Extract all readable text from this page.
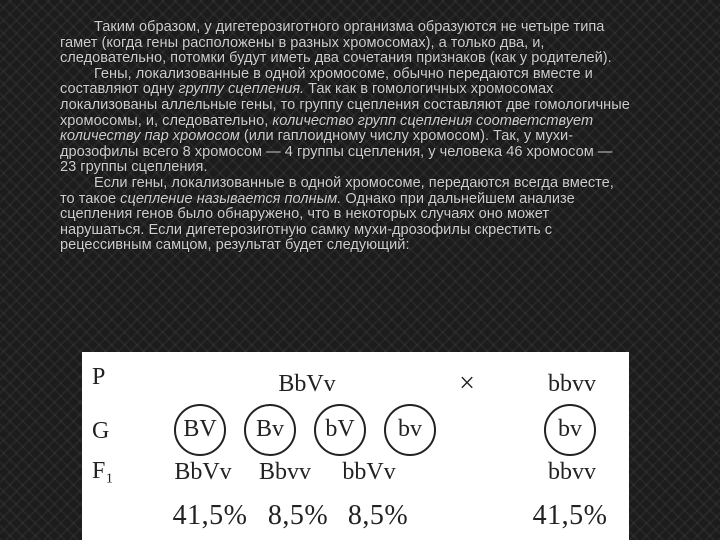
Таким образом, у дигетерозиготного организма образуются не четыре типа гамет (когда гены расположены в разных хромосомах), а только два, и, следовательно, потомки будут иметь два сочетания признаков (как у родителей).

Гены, локализованные в одной хромосоме, обычно передаются вместе и составляют одну группу сцепления. Так как в гомологичных хромосомах локализованы аллельные гены, то группу сцепления составляют две гомологичные хромосомы, и, следовательно, количество групп сцепления соответствует количеству пар хромосом (или гаплоидному числу хромосом). Так, у мухи-дрозофилы всего 8 хромосом — 4 группы сцепления, у человека 46 хромосом — 23 группы сцепления.

Если гены, локализованные в одной хромосоме, передаются всегда вместе, то такое сцепление называется полным. Однако при дальнейшем анализе сцепления генов было обнаружено, что в некоторых случаях оно может нарушаться. Если дигетерозиготную самку мухи-дрозофилы скрестить с рецессивным самцом, результат будет следующий:

P	BbVv	×	bbvv
G	BV	Bv	bV	bv	bv
F₁	BbVv	Bbvv	bbVv	bbvv
41,5% 8,5% 8,5%	41,5%
